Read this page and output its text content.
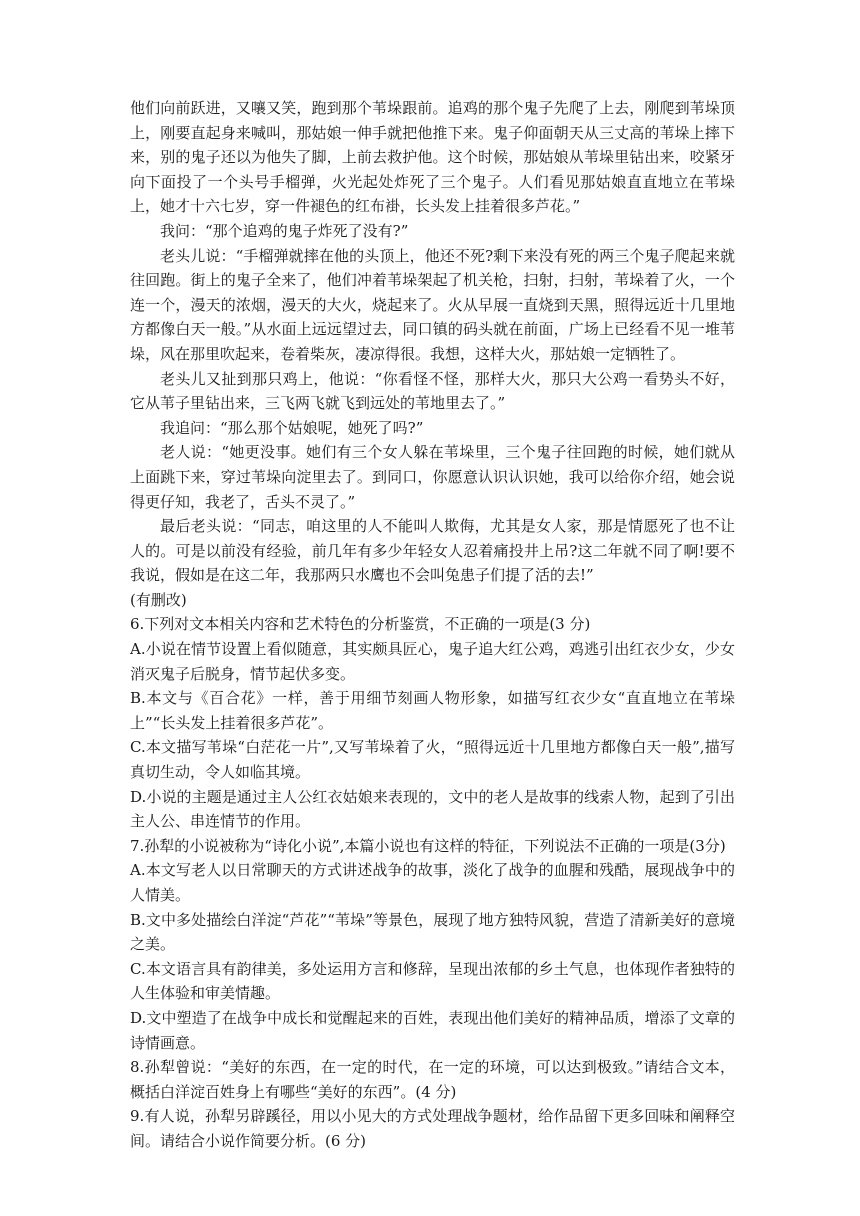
他们向前跃进，又嚷又笑，跑到那个苇垛跟前。追鸡的那个鬼子先爬了上去，刚爬到苇垛顶上，刚要直起身来喊叫，那姑娘一伸手就把他推下来。鬼子仰面朝天从三丈高的苇垛上摔下来，别的鬼子还以为他失了脚，上前去救护他。这个时候，那姑娘从苇垛里钻出来，咬紧牙向下面投了一个头号手榴弹，火光起处炸死了三个鬼子。人们看见那姑娘直直地立在苇垛上，她才十六七岁，穿一件褪色的红布褂，长头发上挂着很多芦花。”

我问：“那个追鸡的鬼子炸死了没有?”

老头儿说：“手榴弹就摔在他的头顶上，他还不死?剩下来没有死的两三个鬼子爬起来就往回跑。街上的鬼子全来了，他们冲着苇垛架起了机关枪，扫射，扫射，苇垛着了火，一个连一个，漫天的浓烟，漫天的大火，烧起来了。火从早展一直烧到天黑，照得远近十几里地方都像白天一般。”从水面上远远望过去，同口镇的码头就在前面，广场上已经看不见一堆苇垛，风在那里吹起来，卷着柴灰，凄凉得很。我想，这样大火，那姑娘一定牺牲了。

老头儿又扯到那只鸡上，他说：“你看怪不怪，那样大火，那只大公鸡一看势头不好，它从苇子里钻出来，三飞两飞就飞到远处的苇地里去了。”

我追问：“那么那个姑娘呢，她死了吗?”

老人说：“她更没事。她们有三个女人躲在苇垛里，三个鬼子往回跑的时候，她们就从上面跳下来，穿过苇垛向淀里去了。到同口，你愿意认识认识她，我可以给你介绍，她会说得更仔知，我老了，舌头不灵了。”

最后老头说：“同志，咱这里的人不能叫人欺侮，尤其是女人家，那是情愿死了也不让人的。可是以前没有经验，前几年有多少年轻女人忍着痛投井上吊?这二年就不同了啊!要不我说，假如是在这二年，我那两只水鹰也不会叫兔患子们提了活的去!”

(有删改)

6.下列对文本相关内容和艺术特色的分析鉴赏，不正确的一项是(3 分)

A.小说在情节设置上看似随意，其实颇具匠心，鬼子追大红公鸡，鸡逃引出红衣少女，少女消灭鬼子后脱身，情节起伏多变。

B.本文与《百合花》一样，善于用细节刻画人物形象，如描写红衣少女“直直地立在苇垛上”“长头发上挂着很多芦花”。

C.本文描写苇垛“白茫花一片”,又写苇垛着了火，“照得远近十几里地方都像白天一般”,描写真切生动，令人如临其境。

D.小说的主题是通过主人公红衣姑娘来表现的，文中的老人是故事的线索人物，起到了引出主人公、串连情节的作用。

7.孙犁的小说被称为“诗化小说”,本篇小说也有这样的特征，下列说法不正确的一项是(3分)

A.本文写老人以日常聊天的方式讲述战争的故事，淡化了战争的血腥和残酷，展现战争中的人情美。

B.文中多处描绘白洋淀“芦花”“苇垛”等景色，展现了地方独特风貌，营造了清新美好的意境之美。

C.本文语言具有韵律美，多处运用方言和修辞，呈现出浓郁的乡土气息，也体现作者独特的人生体验和审美情趣。

D.文中塑造了在战争中成长和觉醒起来的百姓，表现出他们美好的精神品质，增添了文章的诗情画意。

8.孙犁曾说：“美好的东西，在一定的时代，在一定的环境，可以达到极致。”请结合文本，概括白洋淀百姓身上有哪些“美好的东西”。(4 分)

9.有人说，孙犁另辟蹊径，用以小见大的方式处理战争题材，给作品留下更多回味和阐释空间。请结合小说作简要分析。(6 分)
